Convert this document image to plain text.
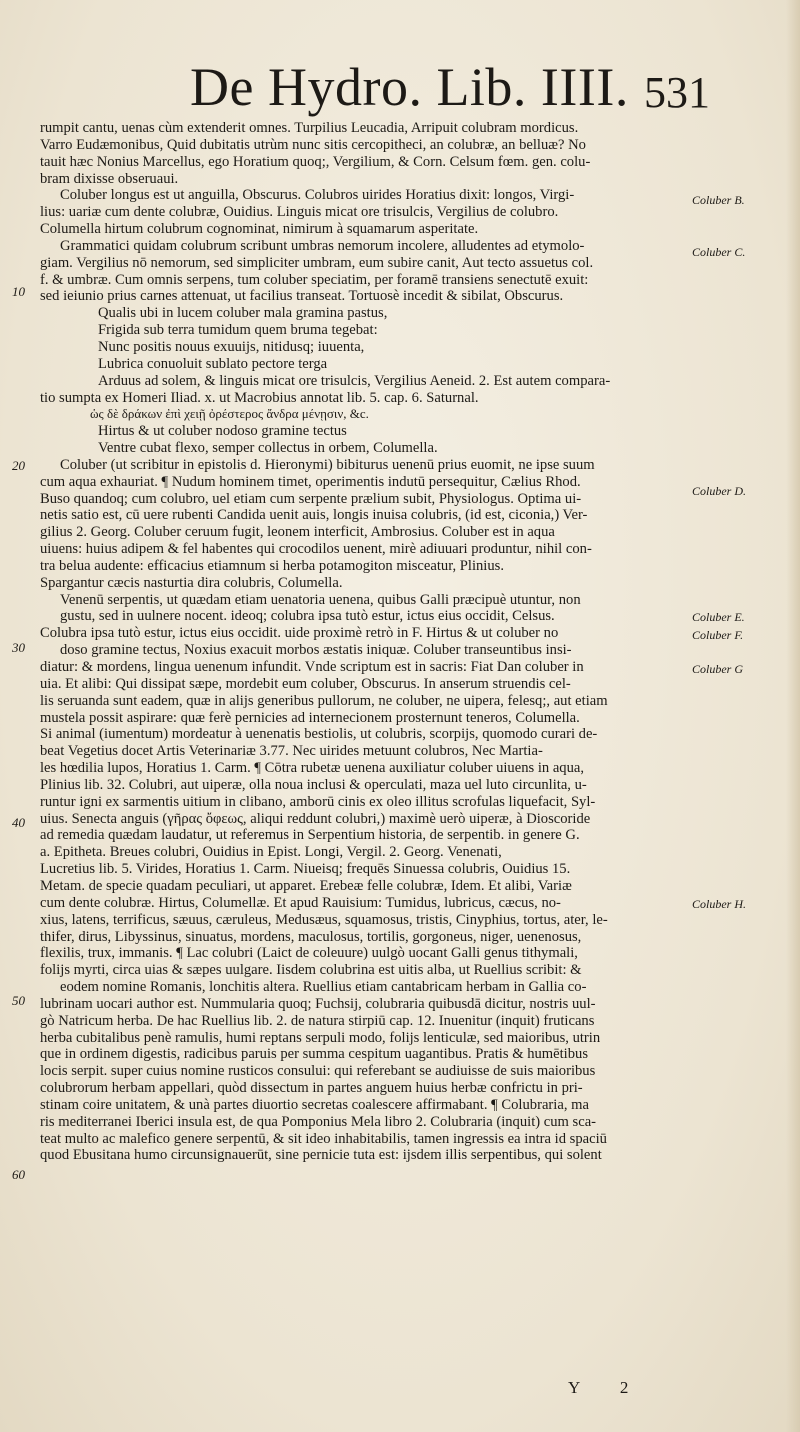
De Hydro. Lib. IIII. 531
rumpit cantu, uenas cùm extenderit omnes. Turpilius Leucadia, Arripuit colubram mordicus.
Varro Eudæmonibus, Quid dubitatis utrùm nunc sitis cercopitheci, an colubræ, an belluæ? No
tauit hæc Nonius Marcellus, ego Horatium quoq;, Vergilium, & Corn. Celsum fœm. gen. colu-
bram dixisse obseruaui.
Coluber longus est ut anguilla, Obscurus. Colubros uirides Horatius dixit: longos, Virgi-
lius: uariæ cum dente colubræ, Ouidius. Linguis micat ore trisulcis, Vergilius de colubro.
Columella hirtum colubrum cognominat, nimirum à squamarum asperitate.
Grammatici quidam colubrum scribunt umbras nemorum incolere, alludentes ad etymolo-
giam. Vergilius nō nemorum, sed simpliciter umbram, eum subire canit, Aut tecto assuetus col.
f. & umbræ. Cum omnis serpens, tum coluber speciatim, per foramē transiens senectutē exuit:
sed ieiunio prius carnes attenuat, ut facilius transeat. Tortuosè incedit & sibilat, Obscurus.
Qualis ubi in lucem coluber mala gramina pastus,
Frigida sub terra tumidum quem bruma tegebat:
Nunc positis nouus exuuijs, nitidusq; iuuenta,
Lubrica conuoluit sublato pectore terga
Arduus ad solem, & linguis micat ore trisulcis, Vergilius Aeneid. 2. Est autem compara-
tio sumpta ex Homeri Iliad. x. ut Macrobius annotat lib. 5. cap. 6. Saturnal.
ὡς δὲ δράκων ἐπὶ χειῇ ὀρέστερος ἄνδρα μένῃσιν, &c.
Hirtus & ut coluber nodoso gramine tectus
Ventre cubat flexo, semper collectus in orbem, Columella.
Coluber (ut scribitur in epistolis d. Hieronymi) bibiturus uenenū prius euomit, ne ipse suum
cum aqua exhauriat. ¶ Nudum hominem timet, operimentis indutū persequitur, Cælius Rhod.
Buso quandoq; cum colubro, uel etiam cum serpente prælium subit, Physiologus. Optima ui-
netis satio est, cū uere rubenti Candida uenit auis, longis inuisa colubris, (id est, ciconia,) Ver-
gilius 2. Georg. Coluber ceruum fugit, leonem interficit, Ambrosius. Coluber est in aqua
uiuens: huius adipem & fel habentes qui crocodilos uenent, mirè adiuuari produntur, nihil con-
tra belua audente: efficacius etiamnum si herba potamogiton misceatur, Plinius.
Spargantur cæcis nasturtia dira colubris, Columella.
Venenū serpentis, ut quædam etiam uenatoria uenena, quibus Galli præcipuè utuntur, non
gustu, sed in uulnere nocent. ideoq; colubra ipsa tutò estur, ictus eius occidit, Celsus.
Colubra ipsa tutò estur, ictus eius occidit. uide proximè retrò in F. Hirtus & ut coluber no
doso gramine tectus, Noxius exacuit morbos æstatis iniquæ. Coluber transeuntibus insi-
diatur: & mordens, lingua uenenum infundit. Vnde scriptum est in sacris: Fiat Dan coluber in
uia. Et alibi: Qui dissipat sæpe, mordebit eum coluber, Obscurus. In anserum struendis cel-
lis seruanda sunt eadem, quæ in alijs generibus pullorum, ne coluber, ne uipera, felesq;, aut etiam
mustela possit aspirare: quæ ferè pernicies ad internecionem prosternunt teneros, Columella.
Si animal (iumentum) mordeatur à uenenatis bestiolis, ut colubris, scorpijs, quomodo curari de-
beat Vegetius docet Artis Veterinariæ 3.77. Nec uirides metuunt colubros, Nec Martia-
les hœdilia lupos, Horatius 1. Carm. ¶ Cōtra rubetæ uenena auxiliatur coluber uiuens in aqua,
Plinius lib. 32. Colubri, aut uiperæ, olla noua inclusi & operculati, maza uel luto circunlita, u-
runtur igni ex sarmentis uitium in clibano, amborū cinis ex oleo illitus scrofulas liquefacit, Syl-
uius. Senecta anguis (γῆρας ὄφεως, aliqui reddunt colubri,) maximè uerò uiperæ, à Dioscoride
ad remedia quædam laudatur, ut referemus in Serpentium historia, de serpentib. in genere G.
a. Epitheta. Breues colubri, Ouidius in Epist. Longi, Vergil. 2. Georg. Venenati,
Lucretius lib. 5. Virides, Horatius 1. Carm. Niueisq; frequēs Sinuessa colubris, Ouidius 15.
Metam. de specie quadam peculiari, ut apparet. Erebeæ felle colubræ, Idem. Et alibi, Variæ
cum dente colubræ. Hirtus, Columellæ. Et apud Rauisium: Tumidus, lubricus, cæcus, no-
xius, latens, terrificus, sæuus, cæruleus, Medusæus, squamosus, tristis, Cinyphius, tortus, ater, le-
thifer, dirus, Libyssinus, sinuatus, mordens, maculosus, tortilis, gorgoneus, niger, uenenosus,
flexilis, trux, immanis. ¶ Lac colubri (Laict de coleuure) uulgò uocant Galli genus tithymali,
folijs myrti, circa uias & sæpes uulgare. Iisdem colubrina est uitis alba, ut Ruellius scribit: &
eodem nomine Romanis, lonchitis altera. Ruellius etiam cantabricam herbam in Gallia co-
lubrinam uocari author est. Nummularia quoq; Fuchsij, colubraria quibusdā dicitur, nostris uul-
gò Natricum herba. De hac Ruellius lib. 2. de natura stirpiū cap. 12. Inuenitur (inquit) fruticans
herba cubitalibus penè ramulis, humi reptans serpuli modo, folijs lenticulæ, sed maioribus, utrin
que in ordinem digestis, radicibus paruis per summa cespitum uagantibus. Pratis & humētibus
locis serpit. super cuius nomine rusticos consului: qui referebant se audiuisse de suis maioribus
colubrorum herbam appellari, quòd dissectum in partes anguem huius herbæ confrictu in pri-
stinam coire unitatem, & unà partes diuortio secretas coalescere affirmabant. ¶ Colubraria, ma
ris mediterranei Iberici insula est, de qua Pomponius Mela libro 2. Colubraria (inquit) cum sca-
teat multo ac malefico genere serpentū, & sit ideo inhabitabilis, tamen ingressis ea intra id spaciū
quod Ebusitana humo circunsignauerūt, sine pernicie tuta est: ijsdem illis serpentibus, qui solent
10
20
30
40
50
60
Coluber B.
Coluber C.
Coluber D.
Coluber E.
Coluber F.
Coluber G
Coluber H.
Y 2
